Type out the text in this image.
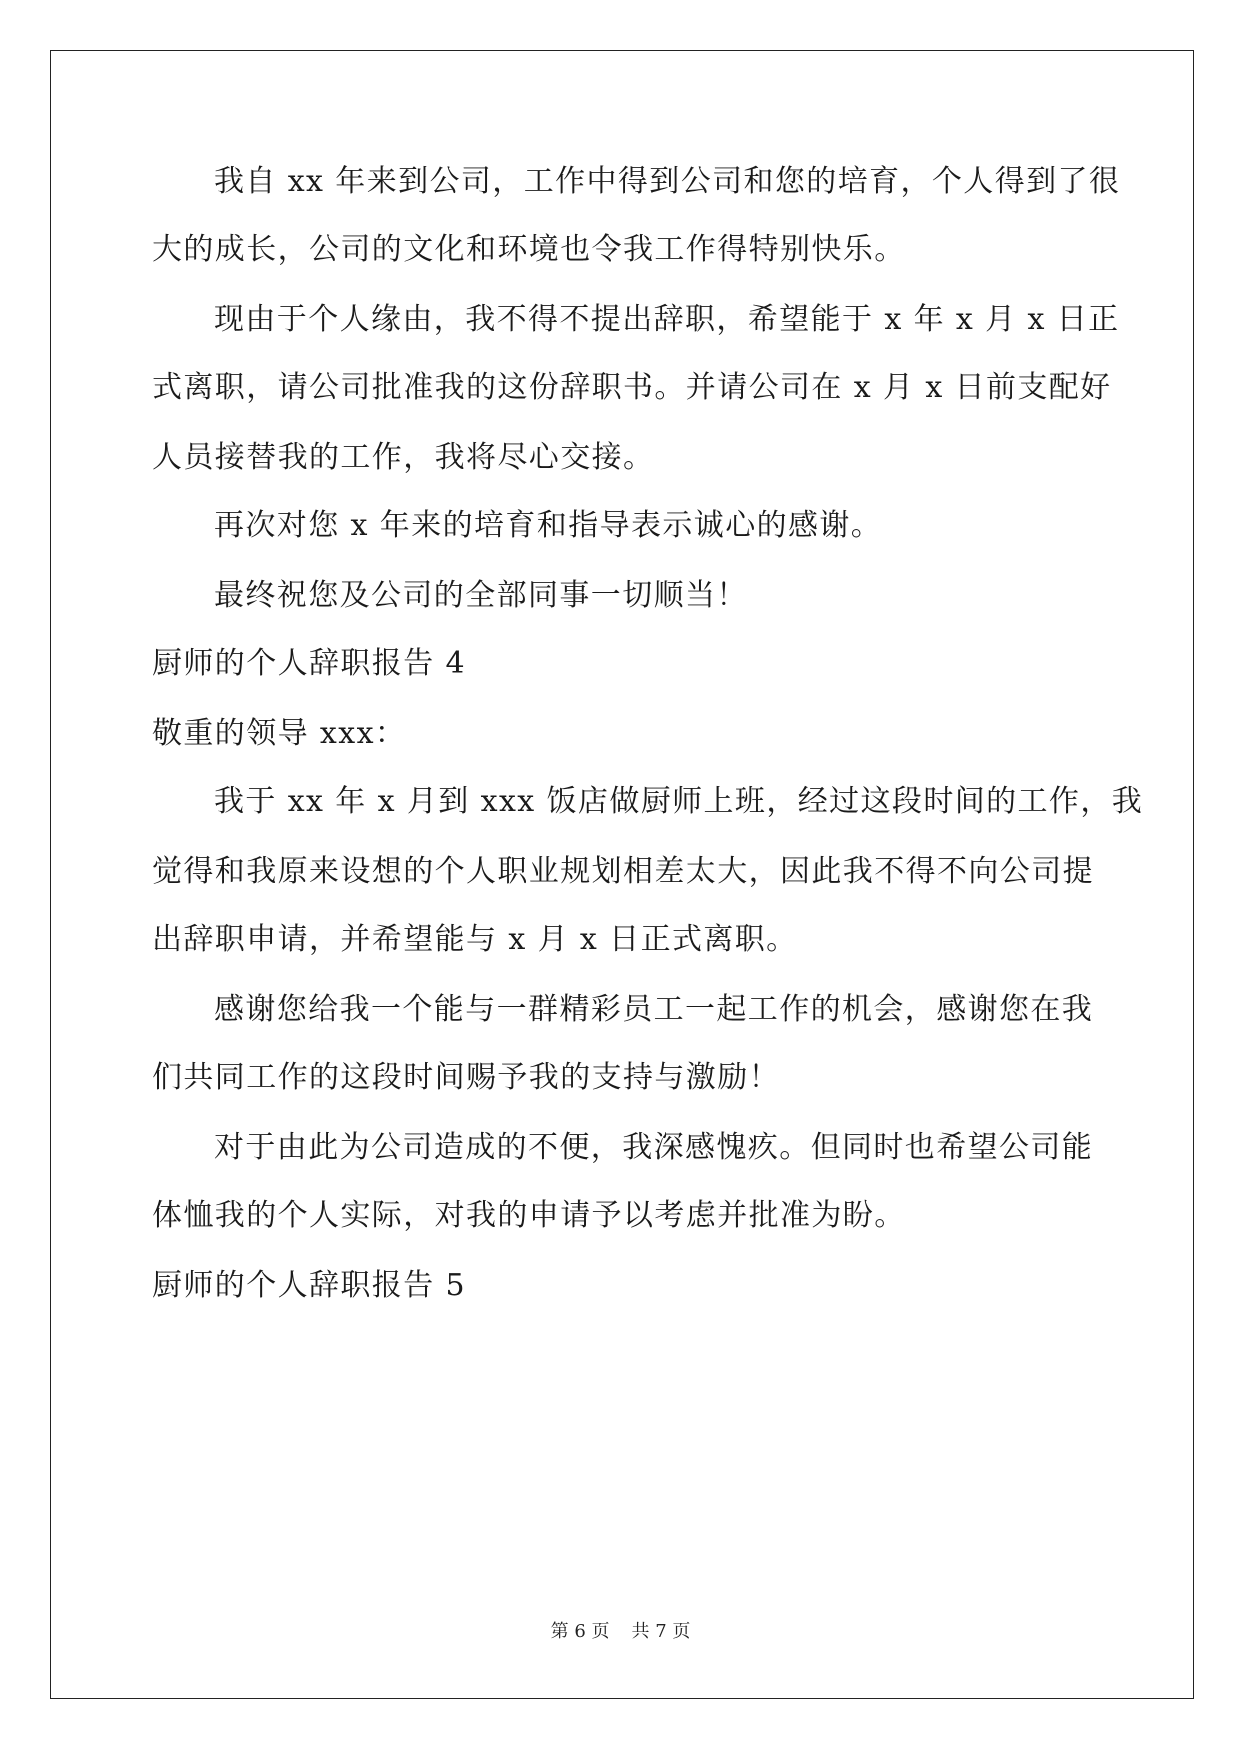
我自 xx 年来到公司，工作中得到公司和您的培育，个人得到了很
大的成长，公司的文化和环境也令我工作得特别快乐。
现由于个人缘由，我不得不提出辞职，希望能于 x 年 x 月 x 日正
式离职，请公司批准我的这份辞职书。并请公司在 x 月 x 日前支配好
人员接替我的工作，我将尽心交接。
再次对您 x 年来的培育和指导表示诚心的感谢。
最终祝您及公司的全部同事一切顺当！
厨师的个人辞职报告 4
敬重的领导 xxx：
我于 xx 年 x 月到 xxx 饭店做厨师上班，经过这段时间的工作，我
觉得和我原来设想的个人职业规划相差太大，因此我不得不向公司提
出辞职申请，并希望能与 x 月 x 日正式离职。
感谢您给我一个能与一群精彩员工一起工作的机会，感谢您在我
们共同工作的这段时间赐予我的支持与激励！
对于由此为公司造成的不便，我深感愧疚。但同时也希望公司能
体恤我的个人实际，对我的申请予以考虑并批准为盼。
厨师的个人辞职报告 5
第 6 页 共 7 页
